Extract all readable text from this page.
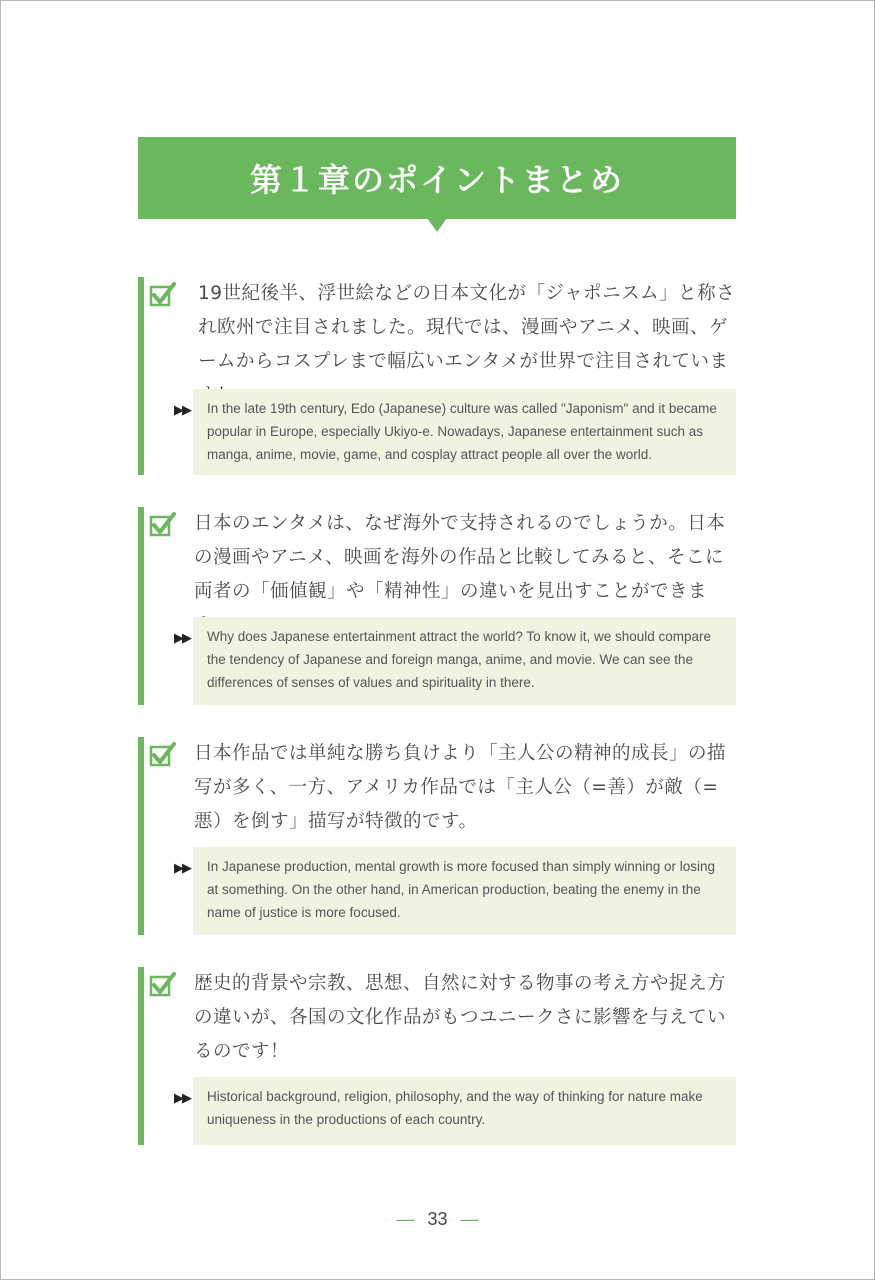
第１章のポイントまとめ
19世紀後半、浮世絵などの日本文化が「ジャポニスム」と称され欧州で注目されました。現代では、漫画やアニメ、映画、ゲームからコスプレまで幅広いエンタメが世界で注目されていま
▶▶	In the late 19th century, Edo (Japanese) culture was called "Japonism" and it became popular in Europe, especially Ukiyo-e. Nowadays, Japanese entertainment such as manga, anime, movie, game, and cosplay attract people all over the world.
日本のエンタメは、なぜ海外で支持されるのでしょうか。日本の漫画やアニメ、映画を海外の作品と比較してみると、そこに両者の「価値観」や「精神性」の違いを見出すことができま
▶▶	Why does Japanese entertainment attract the world? To know it, we should compare the tendency of Japanese and foreign manga, anime, and movie. We can see the differences of senses of values and spirituality in there.
日本作品では単純な勝ち負けより「主人公の精神的成長」の描写が多く、一方、アメリカ作品では「主人公（=善）が敵（=悪）を倒す」描写が特徴的です。
▶▶	In Japanese production, mental growth is more focused than simply winning or losing at something. On the other hand, in American production, beating the enemy in the name of justice is more focused.
歴史的背景や宗教、思想、自然に対する物事の考え方や捉え方の違いが、各国の文化作品がもつユニークさに影響を与えているのです！
▶▶	Historical background, religion, philosophy, and the way of thinking for nature make uniqueness in the productions of each country.
— 33 —
